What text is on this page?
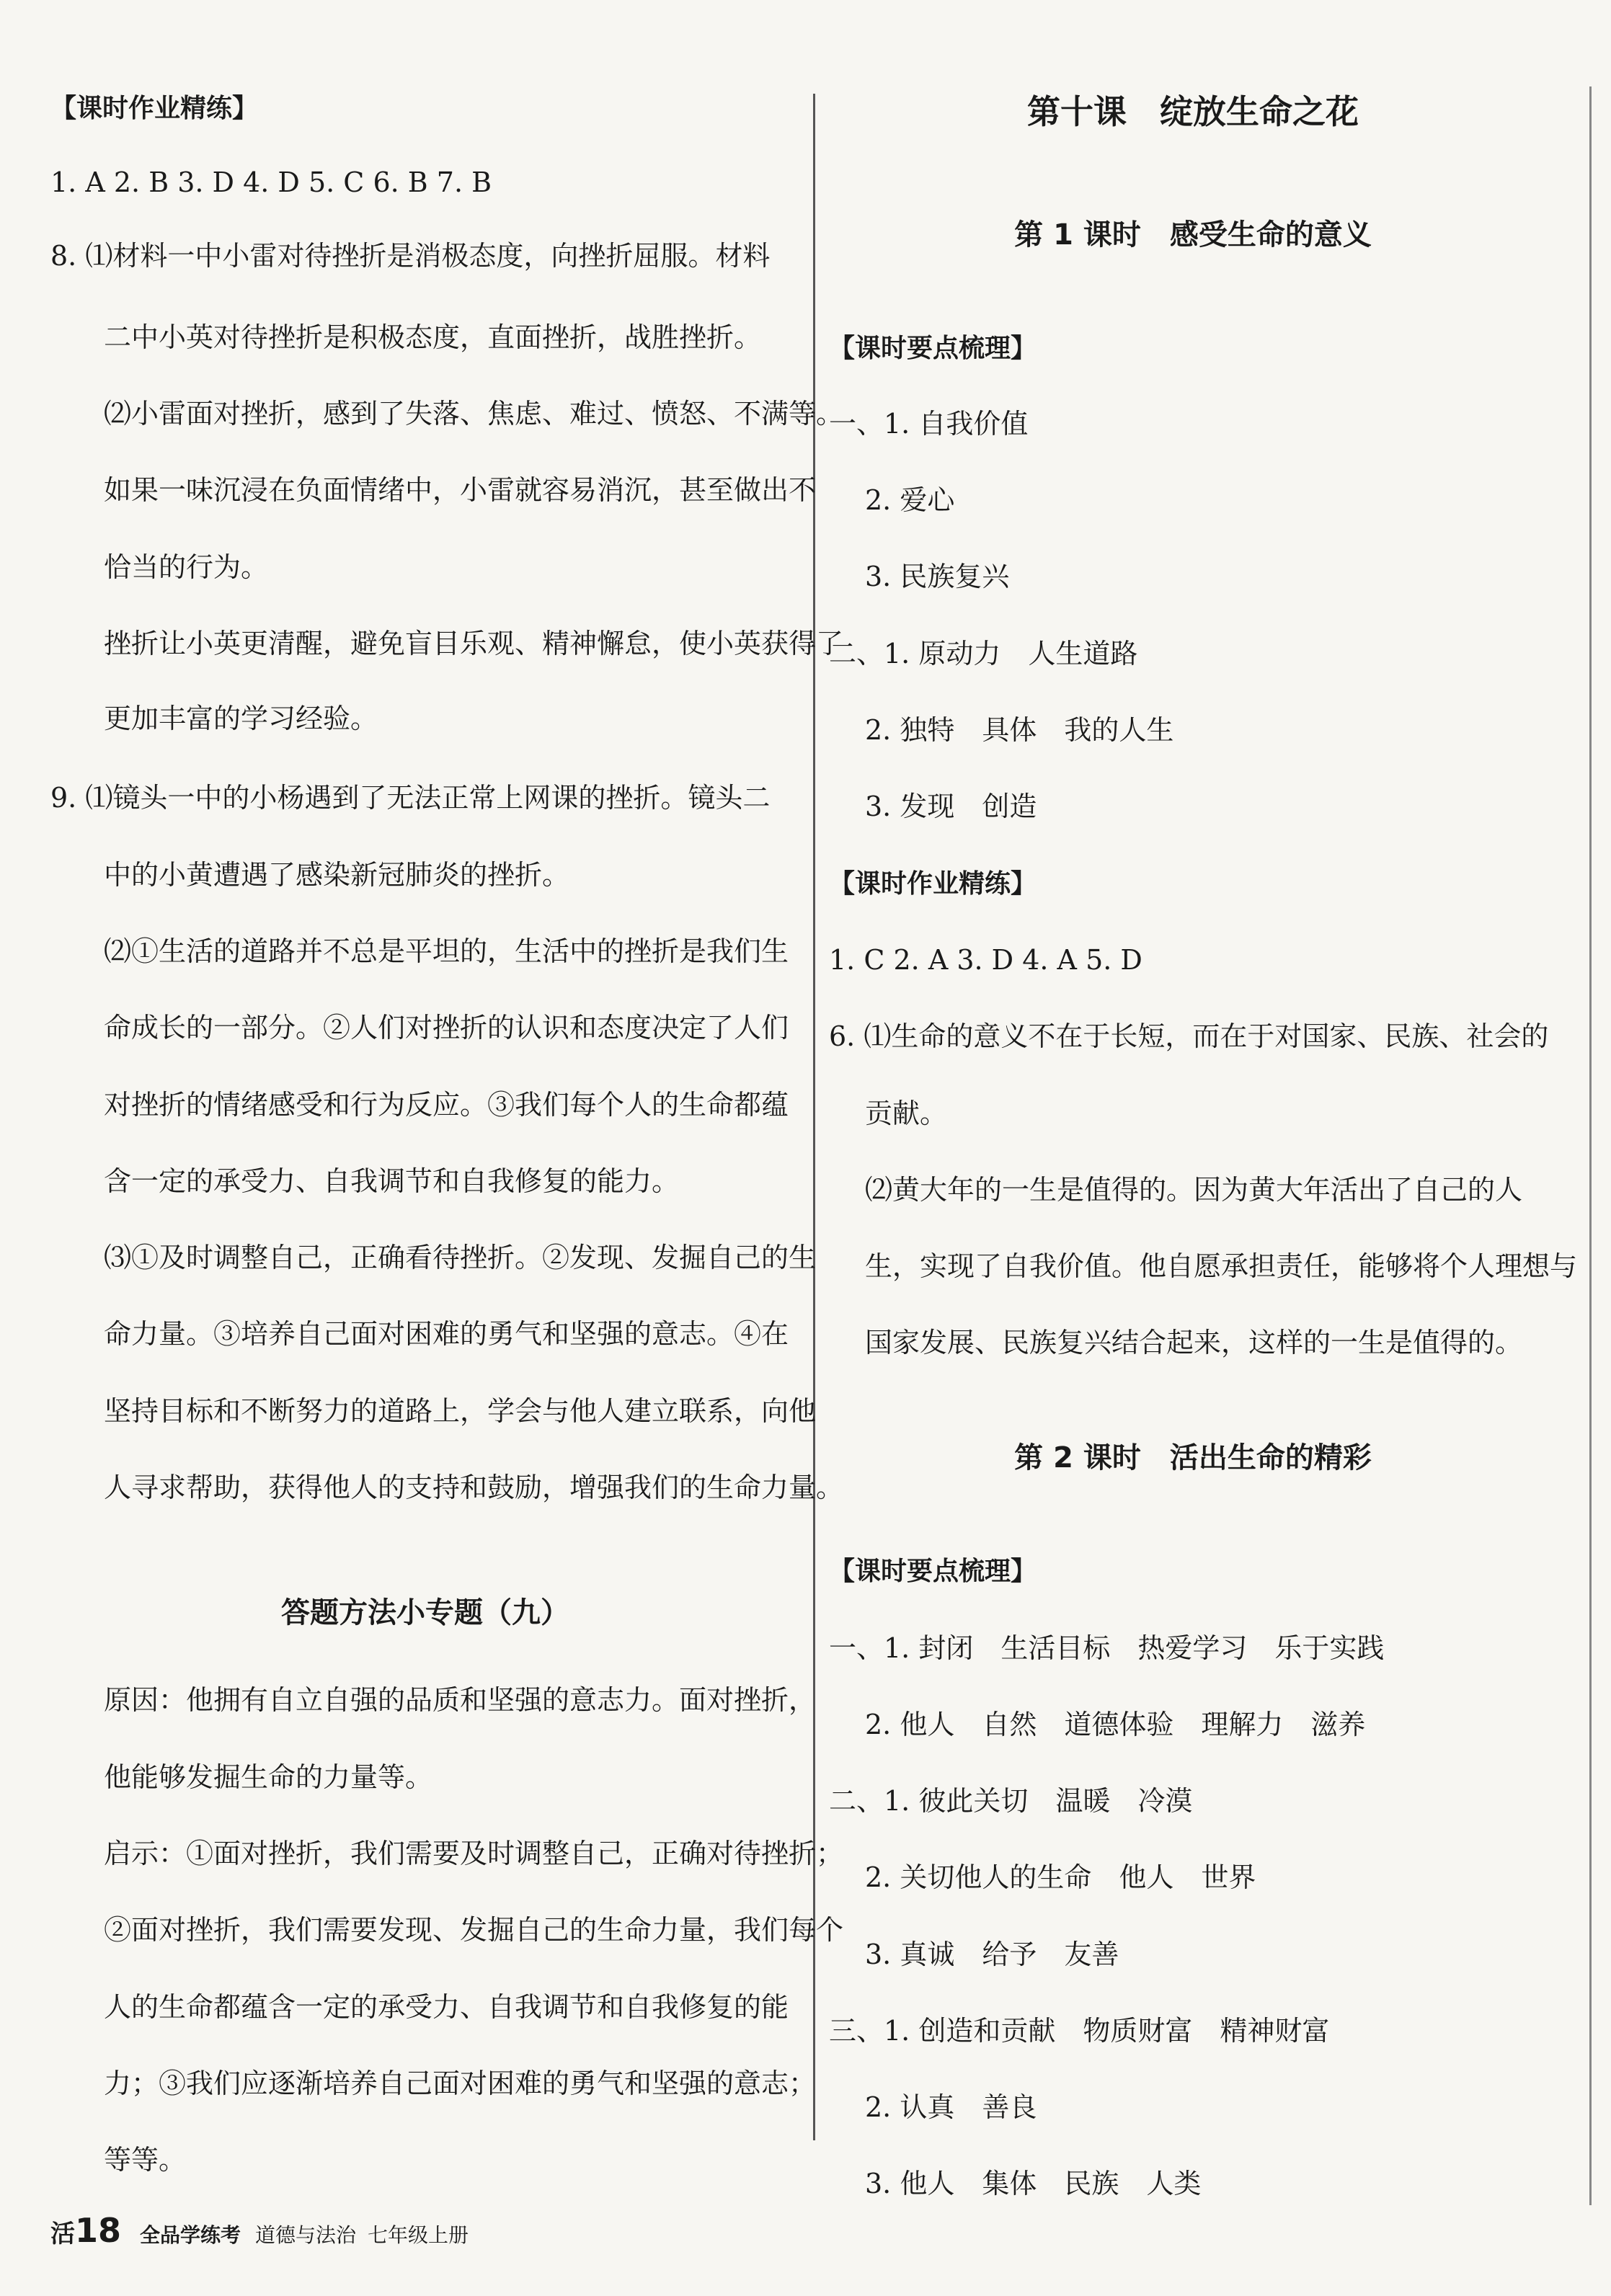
【课时作业精练】
1. A 2. B 3. D 4. D 5. C 6. B 7. B
8. ⑴材料一中小雷对待挫折是消极态度，向挫折屈服。材料
二中小英对待挫折是积极态度，直面挫折，战胜挫折。
⑵小雷面对挫折，感到了失落、焦虑、难过、愤怒、不满等。
如果一味沉浸在负面情绪中，小雷就容易消沉，甚至做出不
恰当的行为。
挫折让小英更清醒，避免盲目乐观、精神懈怠，使小英获得了
更加丰富的学习经验。
9. ⑴镜头一中的小杨遇到了无法正常上网课的挫折。镜头二
中的小黄遭遇了感染新冠肺炎的挫折。
⑵①生活的道路并不总是平坦的，生活中的挫折是我们生
命成长的一部分。②人们对挫折的认识和态度决定了人们
对挫折的情绪感受和行为反应。③我们每个人的生命都蕴
含一定的承受力、自我调节和自我修复的能力。
⑶①及时调整自己，正确看待挫折。②发现、发掘自己的生
命力量。③培养自己面对困难的勇气和坚强的意志。④在
坚持目标和不断努力的道路上，学会与他人建立联系，向他
人寻求帮助，获得他人的支持和鼓励，增强我们的生命力量。
答题方法小专题（九）
原因：他拥有自立自强的品质和坚强的意志力。面对挫折，
他能够发掘生命的力量等。
启示：①面对挫折，我们需要及时调整自己，正确对待挫折；
②面对挫折，我们需要发现、发掘自己的生命力量，我们每个
人的生命都蕴含一定的承受力、自我调节和自我修复的能
力；③我们应逐渐培养自己面对困难的勇气和坚强的意志；
等等。
第十课　绽放生命之花
第 1 课时　感受生命的意义
【课时要点梳理】
一、1. 自我价值
2. 爱心
3. 民族复兴
二、1. 原动力　人生道路
2. 独特　具体　我的人生
3. 发现　创造
【课时作业精练】
1. C 2. A 3. D 4. A 5. D
6. ⑴生命的意义不在于长短，而在于对国家、民族、社会的
贡献。
⑵黄大年的一生是值得的。因为黄大年活出了自己的人
生，实现了自我价值。他自愿承担责任，能够将个人理想与
国家发展、民族复兴结合起来，这样的一生是值得的。
第 2 课时　活出生命的精彩
【课时要点梳理】
一、1. 封闭　生活目标　热爱学习　乐于实践
2. 他人　自然　道德体验　理解力　滋养
二、1. 彼此关切　温暖　冷漠
2. 关切他人的生命　他人　世界
3. 真诚　给予　友善
三、1. 创造和贡献　物质财富　精神财富
2. 认真　善良
3. 他人　集体　民族　人类
活18 全品学练考 道德与法治 七年级上册
